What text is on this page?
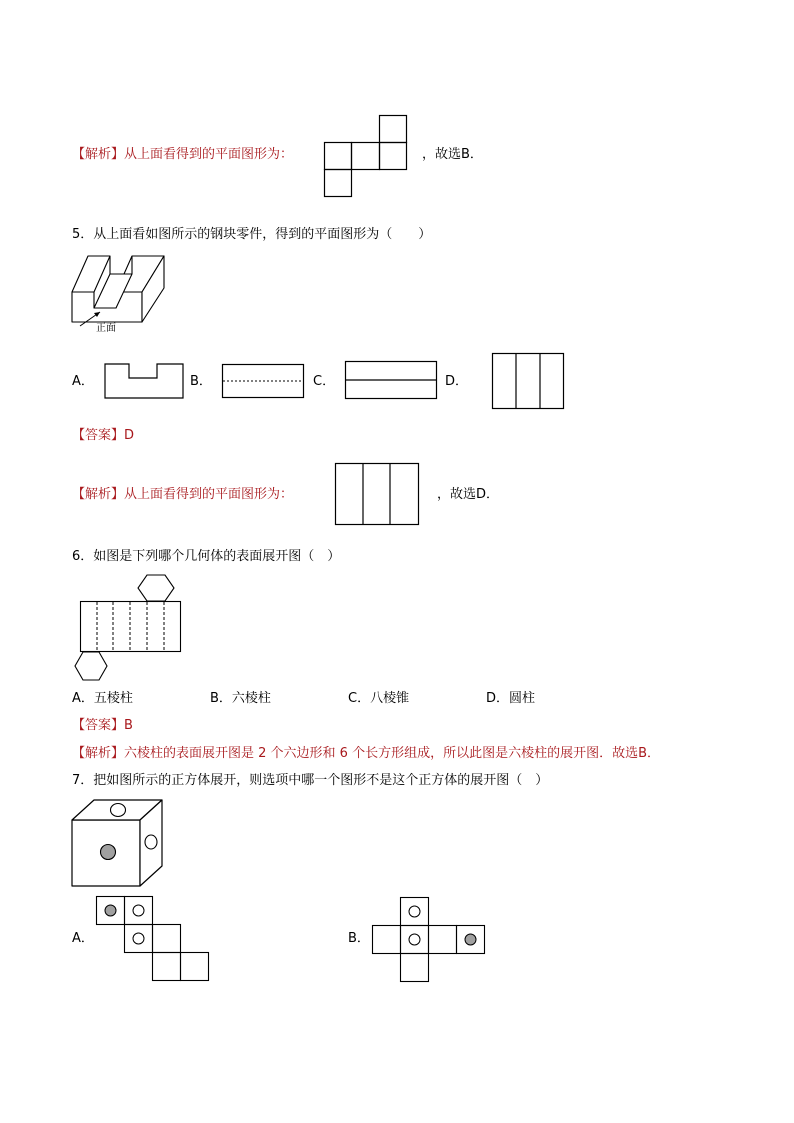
【解析】从上面看得到的平面图形为：	，故选B．
5．从上面看如图所示的钢块零件，得到的平面图形为（　　）
正面
A．	B．	C．	D．
【答案】D
【解析】从上面看得到的平面图形为：	，故选D．
6．如图是下列哪个几何体的表面展开图（　）
A．五棱柱	B．六棱柱	C．八棱锥	D．圆柱
【答案】B
【解析】六棱柱的表面展开图是 2 个六边形和 6 个长方形组成，所以此图是六棱柱的展开图．故选B．
7．把如图所示的正方体展开，则选项中哪一个图形不是这个正方体的展开图（　）
A．	B．
